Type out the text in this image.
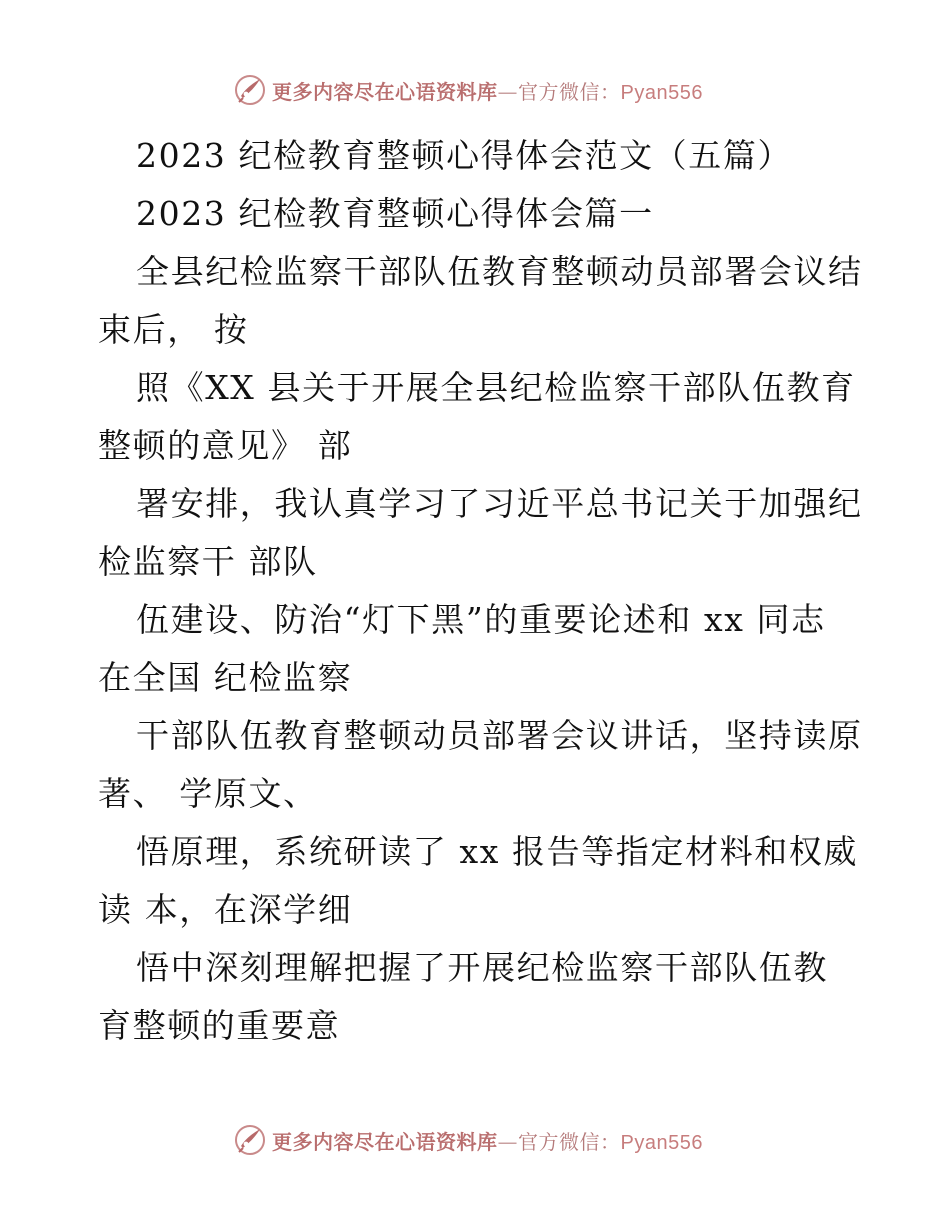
更多内容尽在心语资料库—官方微信：Pyan556
2023 纪检教育整顿心得体会范文（五篇）
2023 纪检教育整顿心得体会篇一
全县纪检监察干部队伍教育整顿动员部署会议结
束后， 按
照《XX 县关于开展全县纪检监察干部队伍教育
整顿的意见》 部
署安排，我认真学习了习近平总书记关于加强纪
检监察干 部队
伍建设、防治“灯下黑”的重要论述和 xx 同志
在全国 纪检监察
干部队伍教育整顿动员部署会议讲话，坚持读原
著、 学原文、
悟原理，系统研读了 xx 报告等指定材料和权威
读 本，在深学细
悟中深刻理解把握了开展纪检监察干部队伍教
育整顿的重要意
更多内容尽在心语资料库—官方微信：Pyan556
